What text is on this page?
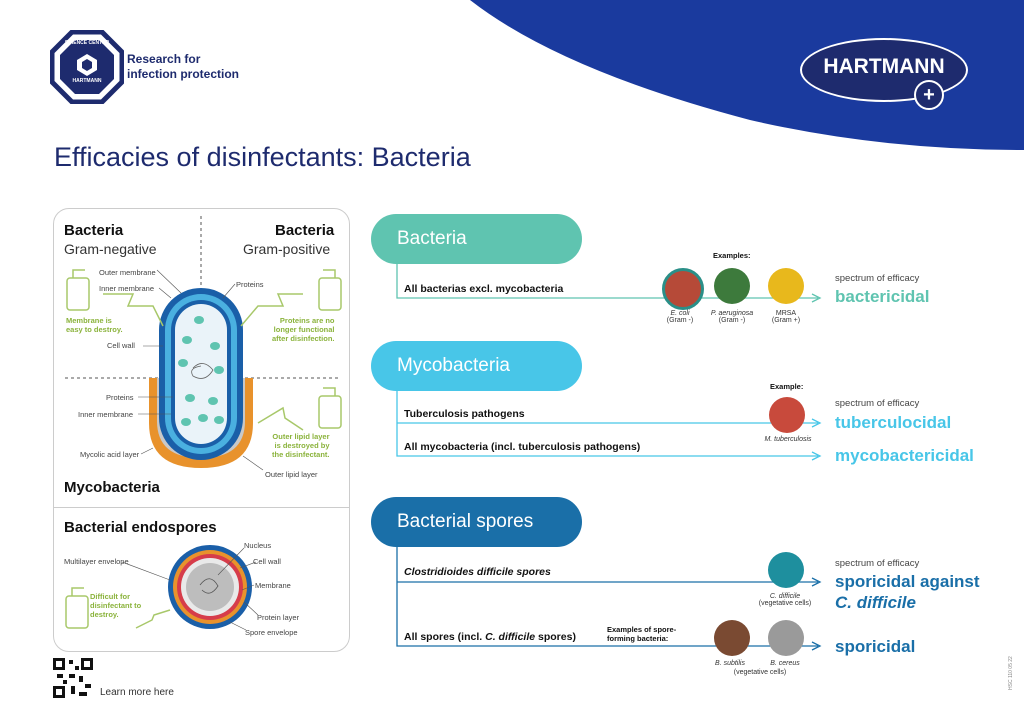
SCIENCE CENTER
HARTMANN
Research for
infection protection	HARTMANN
+
Efficacies of disinfectants: Bacteria
Bacteria
Gram-negative
Bacteria
Gram-positive
Outer membrane
Inner membrane	Proteins
Cell wall
Membrane is
easy to destroy.
Proteins are no
longer functional
after disinfection.
Proteins
Inner membrane
Mycolic acid layer
Outer lipid layer
Outer lipid layer
is destroyed by
the disinfectant.
Mycobacteria
Bacterial endospores
Multilayer envelope
Nucleus
Cell wall
Membrane
Protein layer
Spore envelope
Difficult for
disinfectant to
destroy.
Bacteria
All bacterias excl. mycobacteria
Examples:
E. coli
(Gram -)
P. aeruginosa
(Gram -)
MRSA
(Gram +)
spectrum of efficacy
bactericidal
Mycobacteria
Tuberculosis pathogens
All mycobacteria (incl. tuberculosis pathogens)
Example:
M. tuberculosis
spectrum of efficacy
tuberculocidal
mycobactericidal
Bacterial spores
Clostridioides difficile spores
All spores (incl. C. difficile spores)
Examples of spore-
forming bacteria:
C. difficile
(vegetative cells)
B. subtilis	B. cereus
(vegetative cells)
spectrum of efficacy
sporicidal against
C. difficile
sporicidal
Learn more here
HSC 110 05 22
